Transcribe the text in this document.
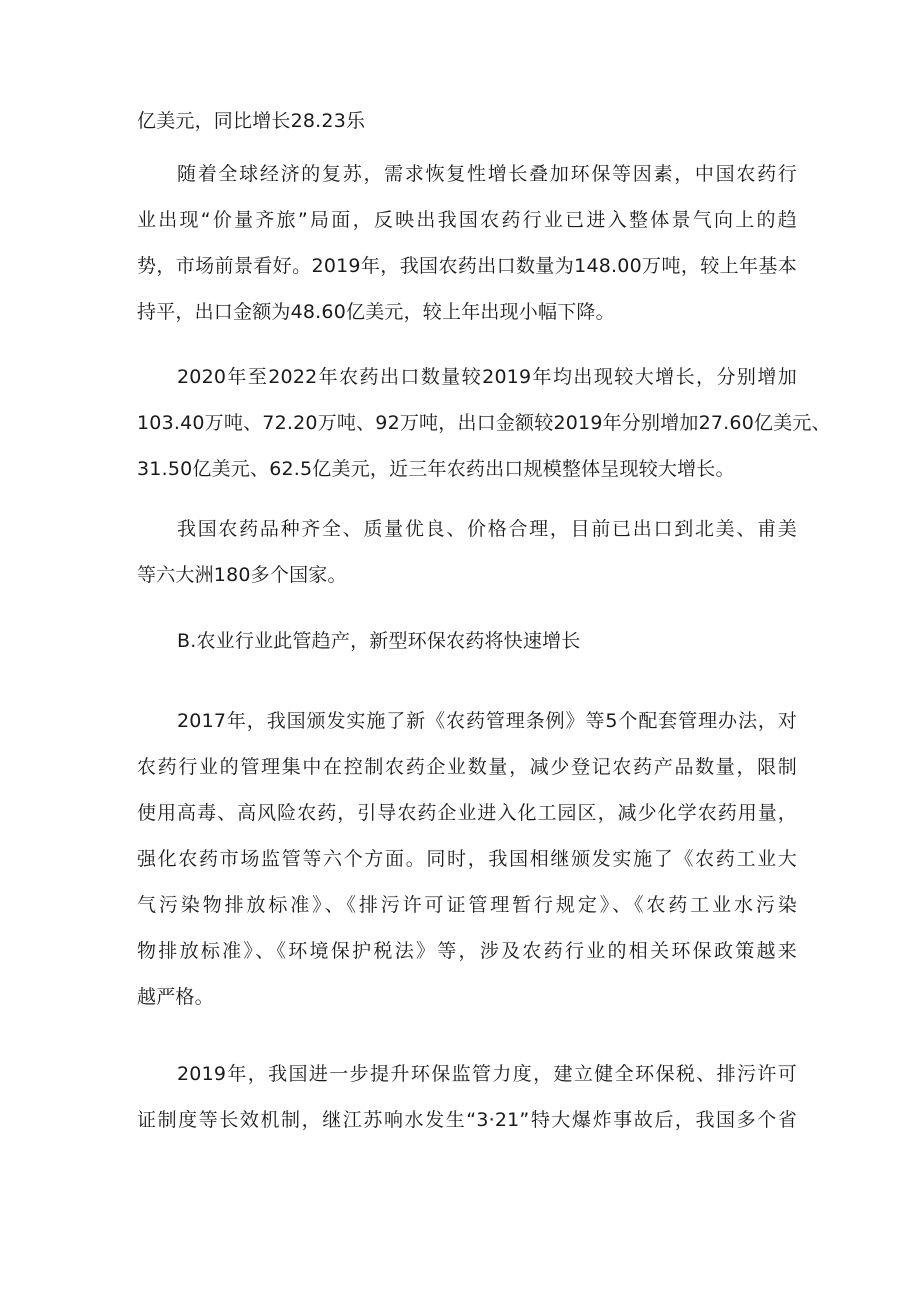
亿美元，同比增长28.23乐
随着全球经济的复苏，需求恢复性增长叠加环保等因素，中国农药行
业出现“价量齐旅”局面，反映出我国农药行业已进入整体景气向上的趋
势，市场前景看好。2019年，我国农药出口数量为148.00万吨，较上年基本
持平，出口金额为48.60亿美元，较上年出现小幅下降。
2020年至2022年农药出口数量较2019年均出现较大增长，分别增加
103.40万吨、72.20万吨、92万吨，出口金额较2019年分别增加27.60亿美元、
31.50亿美元、62.5亿美元，近三年农药出口规模整体呈现较大增长。
我国农药品种齐全、质量优良、价格合理，目前已出口到北美、甫美
等六大洲180多个国家。
B.农业行业此管趋产，新型环保农药将快速增长
2017年，我国颁发实施了新《农药管理条例》等5个配套管理办法，对
农药行业的管理集中在控制农药企业数量，减少登记农药产品数量，限制
使用高毒、高风险农药，引导农药企业进入化工园区，减少化学农药用量，
强化农药市场监管等六个方面。同时，我国相继颁发实施了《农药工业大
气污染物排放标准》、《排污许可证管理暂行规定》、《农药工业水污染
物排放标准》、《环境保护税法》等，涉及农药行业的相关环保政策越来
越严格。
2019年，我国进一步提升环保监管力度，建立健全环保税、排污许可
证制度等长效机制，继江苏响水发生“3·21”特大爆炸事故后，我国多个省
